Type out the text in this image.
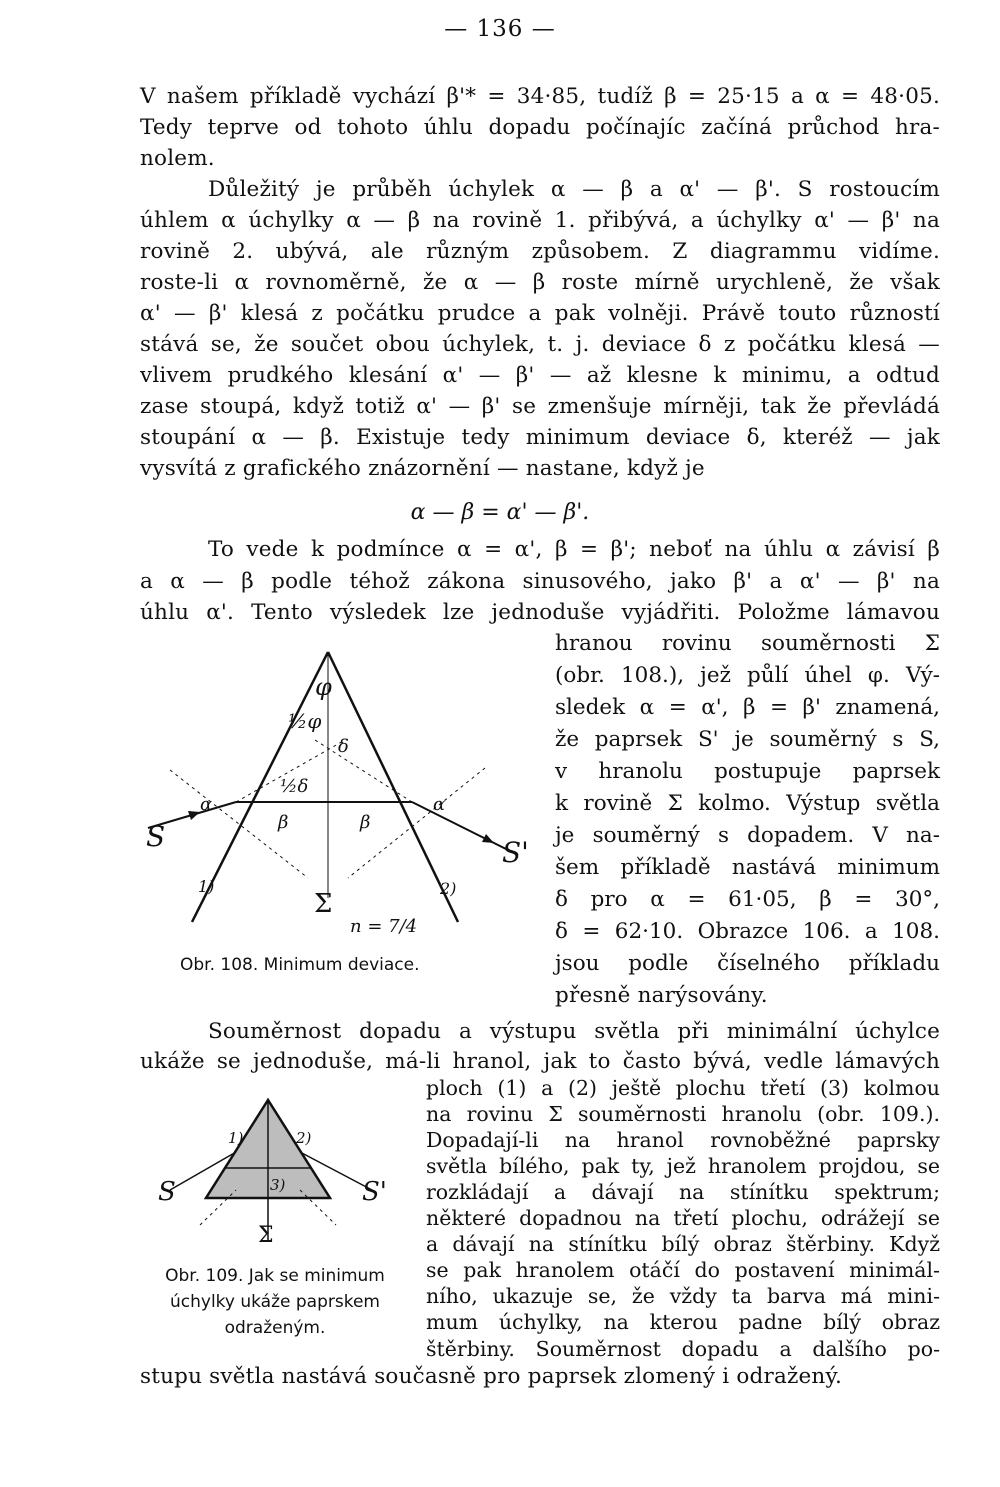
— 136 —
V našem příkladě vychází β'* = 34·85, tudíž β = 25·15 a α = 48·05.
Tedy teprve od tohoto úhlu dopadu počínajíc začíná průchod hra-
nolem.
Důležitý je průběh úchylek α — β a α' — β'. S rostoucím
úhlem α úchylky α — β na rovině 1. přibývá, a úchylky α' — β' na
rovině 2. ubývá, ale různým způsobem. Z diagrammu vidíme.
roste-li α rovnoměrně, že α — β roste mírně urychleně, že však
α' — β' klesá z počátku prudce a pak volněji. Právě touto růzností
stává se, že součet obou úchylek, t. j. deviace δ z počátku klesá —
vlivem prudkého klesání α' — β' — až klesne k minimu, a odtud
zase stoupá, když totiž α' — β' se zmenšuje mírněji, tak že převládá
stoupání α — β. Existuje tedy minimum deviace δ, kteréž — jak
vysvítá z grafického znázornění — nastane, když je
α — β = α' — β'.
To vede k podmínce α = α', β = β'; neboť na úhlu α závisí β
a α — β podle téhož zákona sinusového, jako β' a α' — β' na
úhlu α'. Tento výsledek lze jednoduše vyjádřiti. Položme lámavou
hranou rovinu souměrnosti Σ
(obr. 108.), jež půlí úhel φ. Vý-
sledek α = α', β = β' znamená,
že paprsek S' je souměrný s S,
v hranolu postupuje paprsek
k rovině Σ kolmo. Výstup světla
je souměrný s dopadem. V na-
šem příkladě nastává minimum
δ pro α = 61·05, β = 30°,
δ = 62·10. Obrazce 106. a 108.
jsou podle číselného příkladu
přesně narýsovány.
φ
½φ
δ
½δ
α	α
β	β
S	S'
1)	2)
Σ
n = 7/4
Obr. 108. Minimum deviace.
Souměrnost dopadu a výstupu světla při minimální úchylce
ukáže se jednoduše, má-li hranol, jak to často bývá, vedle lámavých
ploch (1) a (2) ještě plochu třetí (3) kolmou
na rovinu Σ souměrnosti hranolu (obr. 109.).
Dopadají-li na hranol rovnoběžné paprsky
světla bílého, pak ty, jež hranolem projdou, se
rozkládají a dávají na stínítku spektrum;
některé dopadnou na třetí plochu, odrážejí se
a dávají na stínítku bílý obraz štěrbiny. Když
se pak hranolem otáčí do postavení minimál-
ního, ukazuje se, že vždy ta barva má mini-
mum úchylky, na kterou padne bílý obraz
štěrbiny. Souměrnost dopadu a dalšího po-
stupu světla nastává současně pro paprsek zlomený i odražený.
1)	2)
3)
S	S'
Σ
Obr. 109. Jak se minimum
úchylky ukáže paprskem
odraženým.
